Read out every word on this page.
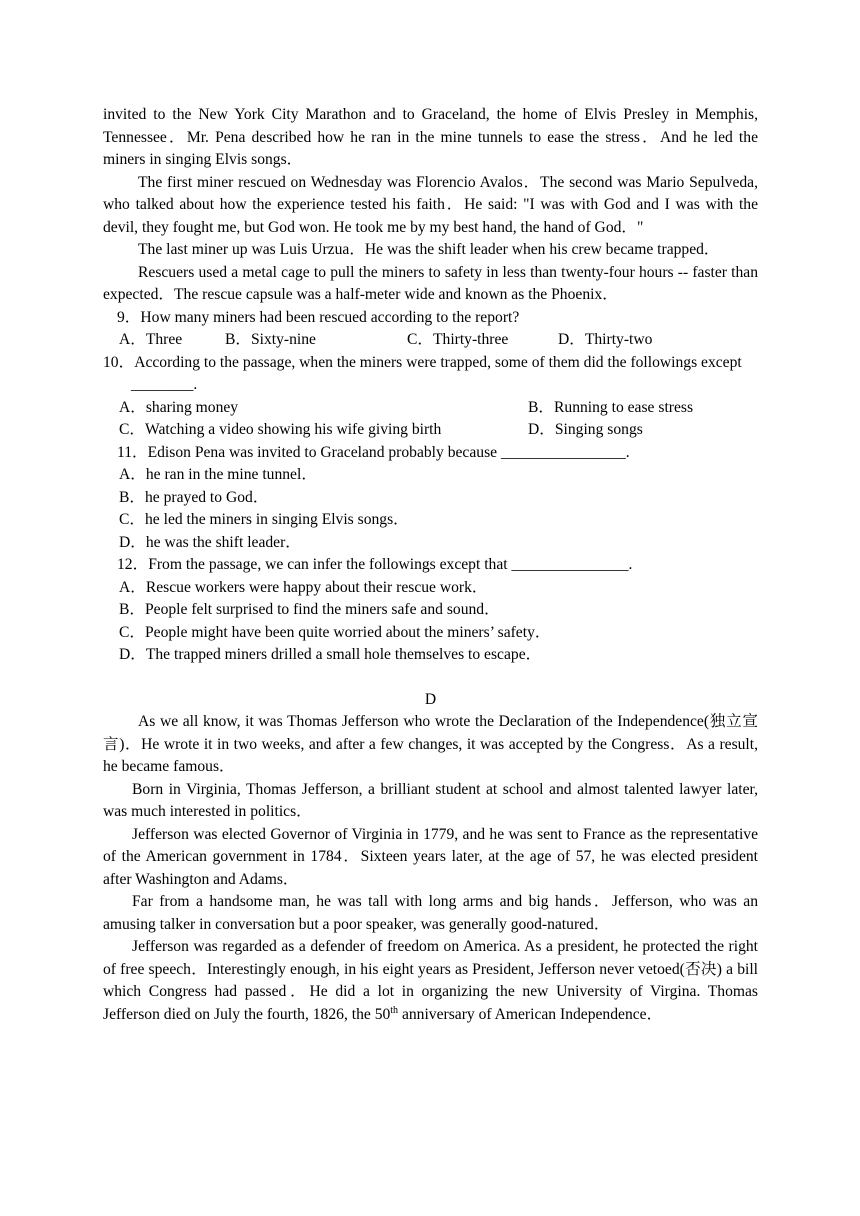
invited to the New York City Marathon and to Graceland, the home of Elvis Presley in Memphis, Tennessee．Mr. Pena described how he ran in the mine tunnels to ease the stress．And he led the miners in singing Elvis songs．

The first miner rescued on Wednesday was Florencio Avalos．The second was Mario Sepulveda, who talked about how the experience tested his faith．He said: "I was with God and I was with the devil, they fought me, but God won. He took me by my best hand, the hand of God．"

The last miner up was Luis Urzua．He was the shift leader when his crew became trapped．

Rescuers used a metal cage to pull the miners to safety in less than twenty-four hours -- faster than expected．The rescue capsule was a half-meter wide and known as the Phoenix．

9．How many miners had been rescued according to the report?

A．Three	B．Sixty-nine	C．Thirty-three	D．Thirty-two

10．According to the passage, when the miners were trapped, some of them did the followings except ________.

A．sharing money	B．Running to ease stress
C．Watching a video showing his wife giving birth	D．Singing songs

11．Edison Pena was invited to Graceland probably because ________________.

A．he ran in the mine tunnel．

B．he prayed to God．

C．he led the miners in singing Elvis songs．

D．he was the shift leader．

12．From the passage, we can infer the followings except that _______________.

A．Rescue workers were happy about their rescue work．

B．People felt surprised to find the miners safe and sound．

C．People might have been quite worried about the miners’ safety．

D．The trapped miners drilled a small hole themselves to escape．

D

As we all know, it was Thomas Jefferson who wrote the Declaration of the Independence(独立宣言)．He wrote it in two weeks, and after a few changes, it was accepted by the Congress．As a result, he became famous．

Born in Virginia, Thomas Jefferson, a brilliant student at school and almost talented lawyer later, was much interested in politics．

Jefferson was elected Governor of Virginia in 1779, and he was sent to France as the representative of the American government in 1784．Sixteen years later, at the age of 57, he was elected president after Washington and Adams．

Far from a handsome man, he was tall with long arms and big hands．Jefferson, who was an amusing talker in conversation but a poor speaker, was generally good-natured．

Jefferson was regarded as a defender of freedom on America. As a president, he protected the right of free speech．Interestingly enough, in his eight years as President, Jefferson never vetoed(否决) a bill which Congress had passed．He did a lot in organizing the new University of Virgina. Thomas Jefferson died on July the fourth, 1826, the 50th anniversary of American Independence．
